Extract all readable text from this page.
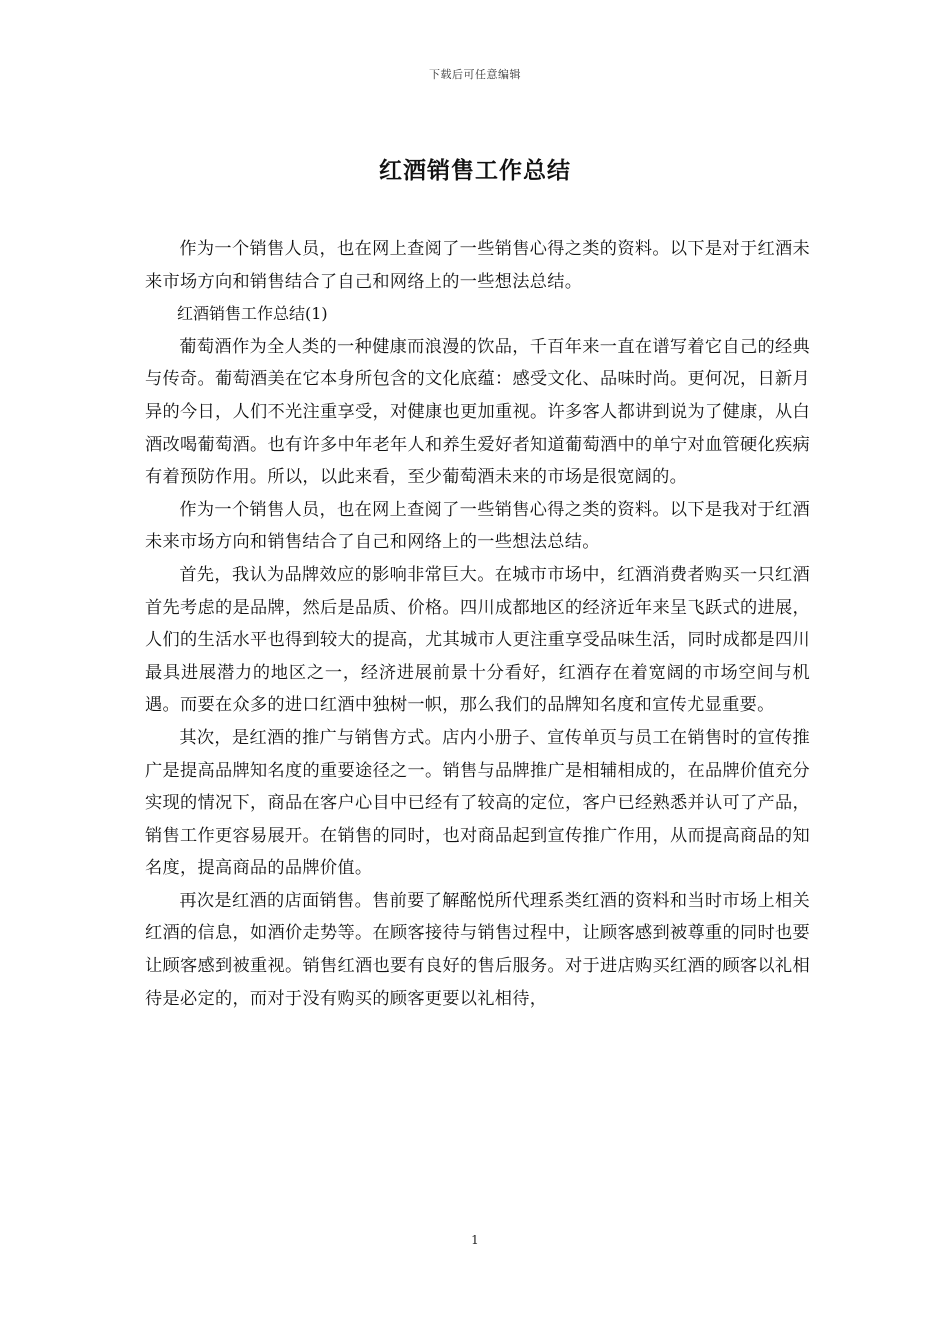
下载后可任意编辑
红酒销售工作总结

作为一个销售人员，也在网上查阅了一些销售心得之类的资料。以下是对于红酒未来市场方向和销售结合了自己和网络上的一些想法总结。

红酒销售工作总结(1)

葡萄酒作为全人类的一种健康而浪漫的饮品，千百年来一直在谱写着它自己的经典与传奇。葡萄酒美在它本身所包含的文化底蕴：感受文化、品味时尚。更何况，日新月异的今日，人们不光注重享受，对健康也更加重视。许多客人都讲到说为了健康，从白酒改喝葡萄酒。也有许多中年老年人和养生爱好者知道葡萄酒中的单宁对血管硬化疾病有着预防作用。所以，以此来看，至少葡萄酒未来的市场是很宽阔的。

作为一个销售人员，也在网上查阅了一些销售心得之类的资料。以下是我对于红酒未来市场方向和销售结合了自己和网络上的一些想法总结。

首先，我认为品牌效应的影响非常巨大。在城市市场中，红酒消费者购买一只红酒首先考虑的是品牌，然后是品质、价格。四川成都地区的经济近年来呈飞跃式的进展，人们的生活水平也得到较大的提高，尤其城市人更注重享受品味生活，同时成都是四川最具进展潜力的地区之一，经济进展前景十分看好，红酒存在着宽阔的市场空间与机遇。而要在众多的进口红酒中独树一帜，那么我们的品牌知名度和宣传尤显重要。

其次，是红酒的推广与销售方式。店内小册子、宣传单页与员工在销售时的宣传推广是提高品牌知名度的重要途径之一。销售与品牌推广是相辅相成的，在品牌价值充分实现的情况下，商品在客户心目中已经有了较高的定位，客户已经熟悉并认可了产品，销售工作更容易展开。在销售的同时，也对商品起到宣传推广作用，从而提高商品的知名度，提高商品的品牌价值。

再次是红酒的店面销售。售前要了解酩悦所代理系类红酒的资料和当时市场上相关红酒的信息，如酒价走势等。在顾客接待与销售过程中，让顾客感到被尊重的同时也要让顾客感到被重视。销售红酒也要有良好的售后服务。对于进店购买红酒的顾客以礼相待是必定的，而对于没有购买的顾客更要以礼相待，

1
